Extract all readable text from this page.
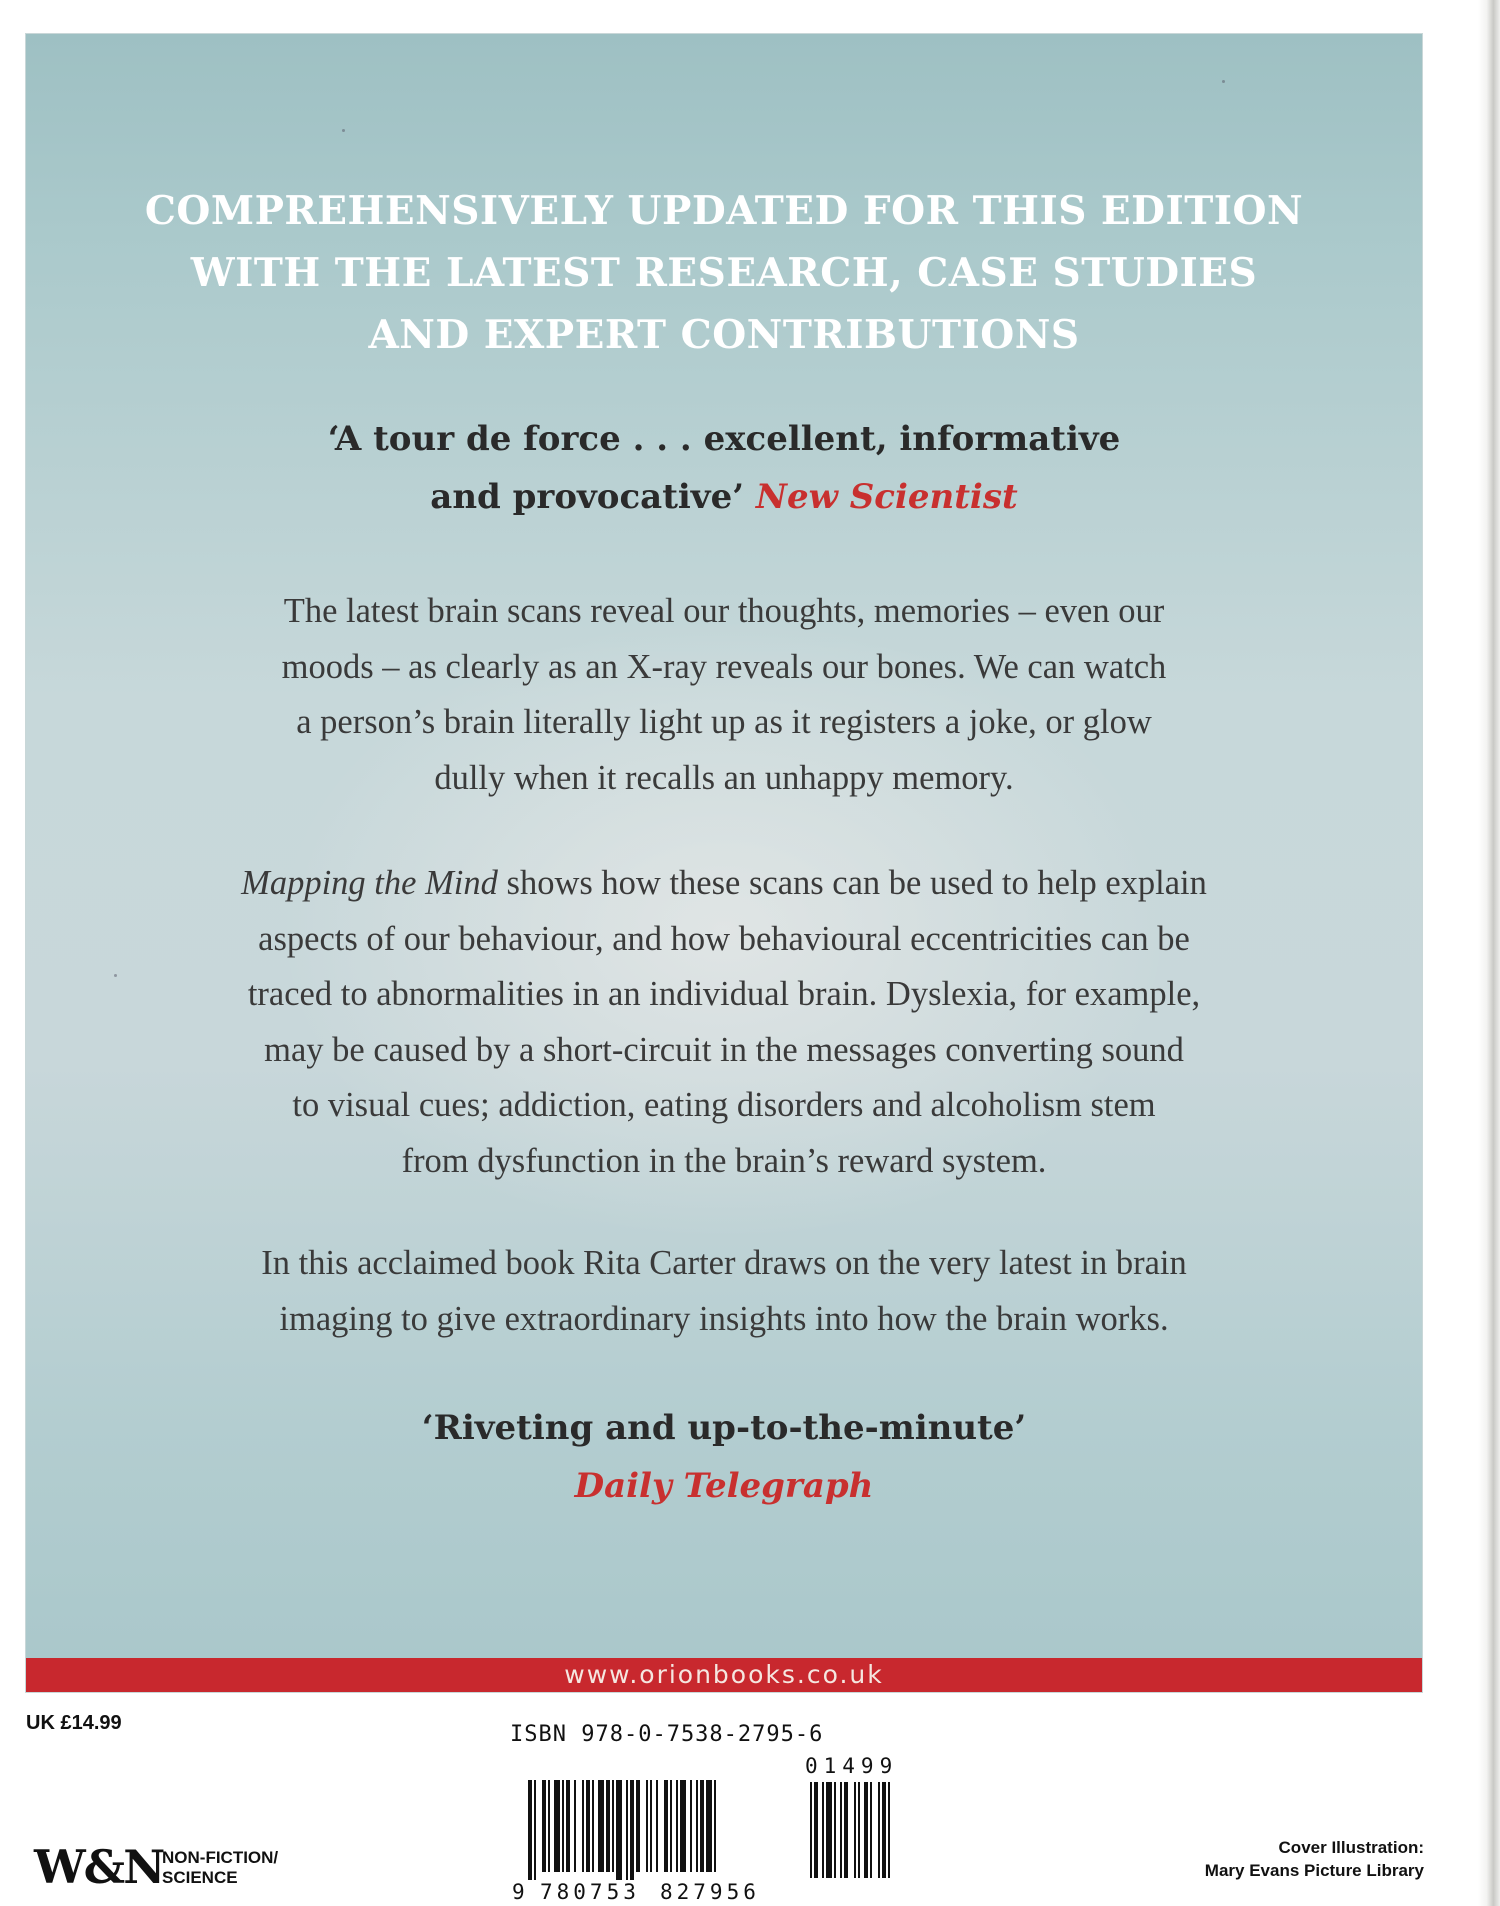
COMPREHENSIVELY UPDATED FOR THIS EDITION
WITH THE LATEST RESEARCH, CASE STUDIES
AND EXPERT CONTRIBUTIONS
‘A tour de force . . . excellent, informative
and provocative’ New Scientist
The latest brain scans reveal our thoughts, memories – even our
moods – as clearly as an X-ray reveals our bones. We can watch
a person’s brain literally light up as it registers a joke, or glow
dully when it recalls an unhappy memory.
Mapping the Mind shows how these scans can be used to help explain
aspects of our behaviour, and how behavioural eccentricities can be
traced to abnormalities in an individual brain. Dyslexia, for example,
may be caused by a short-circuit in the messages converting sound
to visual cues; addiction, eating disorders and alcoholism stem
from dysfunction in the brain’s reward system.
In this acclaimed book Rita Carter draws on the very latest in brain
imaging to give extraordinary insights into how the brain works.
‘Riveting and up-to-the-minute’
Daily Telegraph
www.orionbooks.co.uk
UK £14.99	ISBN 978-0-7538-2795-6
9 780753 827956
01499
W&N
NON-FICTION/
SCIENCE
Cover Illustration:
Mary Evans Picture Library
